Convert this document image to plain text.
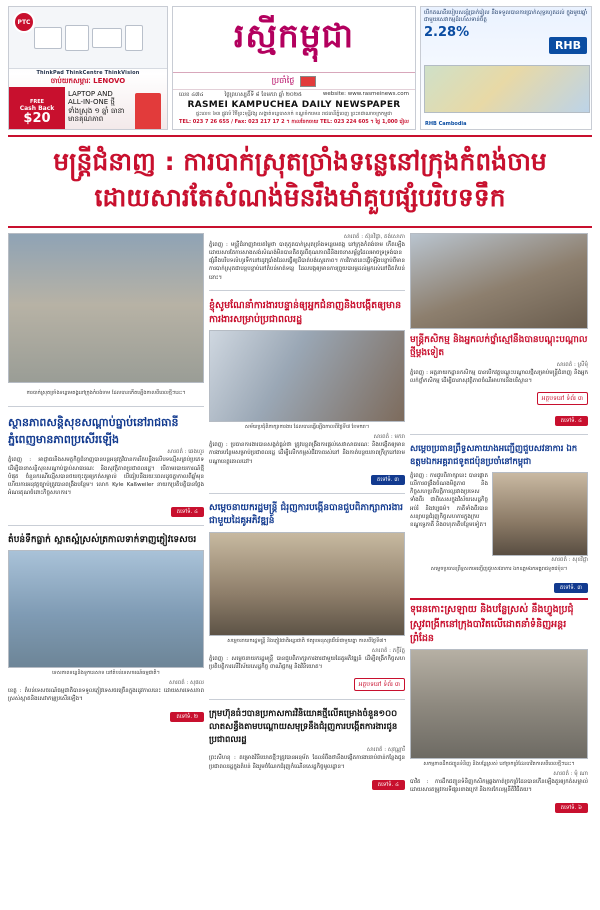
PTC
ThinkPad ThinkCentre ThinkVision
ចាប់យកសម្ភារៈ LENOVO
FREE
Cash Back
$20
LAPTOP AND ALL-IN-ONE ថ្មីទាំងស្រុង ១ ឆ្នាំ ធានាមានគុណភាព
រស្មីកម្ពុជា
ប្រចាំថ្ងៃ
លេខ ៤៧៤	ថ្ងៃព្រហស្បតិ៍ទី ៨ ខែមករា ឆ្នាំ ២០២៥	website: www.rasmeinews.com
RASMEI KAMPUCHEA DAILY NEWSPAPER
ផ្ទះលេខ ៦៣ ផ្លូវលំ វិថីព្រះមុន្នីវង្ស សង្កាត់ទន្លេបាសាក់ ខណ្ឌចំការមន រាជធានីភ្នំពេញ ព្រះរាជាណាចក្រកម្ពុជា
TEL: 023 7 26 655 / Fax: 023 217 17 2 ។ កាលចែកចាយ TEL: 023 224 605 ។ ថ្លៃ 1,000 រៀល
បើកគណនីរបៀបសន្សំប្រាក់រៀល នឹងទទួលបានការប្រាក់សុទ្ធរហូតដល់ ក្នុងមួយឆ្នាំ ជាមួយសេវាកម្មដ៏រហ័សទាន់ចិត្ត
2.28%
RHB
RHB Cambodia
មន្ត្រីជំនាញ : ការបាក់ស្រុតច្រាំងទន្លេនៅក្រុងកំពង់ចាម
ដោយសារតែសំណង់មិនរឹងមាំគួបផ្សំបរិបទទឹក
ការបាក់ស្រុតច្រាំងទន្លេមេគង្គនៅក្រុងកំពង់ចាម ដែលបានកើតឡើងកាលពីពេលថ្មីៗនេះ។
ស្ថានភាពសន្តិសុខសណ្តាប់ធ្នាប់នៅរាជធានីភ្នំពេញមានភាពប្រសើរឡើង
សារពត៌ : ឆេងហួរ
ភ្នំពេញ : អាជ្ញាធរនិងសមត្ថកិច្ចជំនាញបានបន្តអនុវត្តវិធានការរឹតបន្តឹងលើបទល្មើសគ្រប់ប្រភេទ ដើម្បីធានាសន្តិសុខសណ្តាប់ធ្នាប់សាធារណៈ និងសុវត្ថិភាពប្រជាពលរដ្ឋ។ បើតាមរបាយការណ៍ថ្មីបំផុត ចំនួនករណីល្មើសបានថយចុះគួរឲ្យកត់សម្គាល់ បើធៀបនឹងរយៈពេលដូចគ្នាកាលពីឆ្នាំមុន ហើយការអនុវត្តច្បាប់ត្រូវបានពង្រឹងបន្ថែម។ លោក Kyle Kaßweiler នាយកប្រតិបត្តិបានថ្លែងអំណរគុណចំពោះកិច្ចសហការ។
តទៅទំ. ៤
តំបន់ទឹកធ្លាក់ ស្អាតស្អំស្រស់ត្រកាលទាក់ទាញភ្ញៀវទេសចរ
ទេសភាពទន្លេនិងទូកនេសាទ នៅតំបន់ទេសចរណ៍ធម្មជាតិ។
សារពត៌ : សុផល
ខេត្ត : តំបន់ទេសចរណ៍ធម្មជាតិបានទទួលភ្ញៀវទេសចរច្រើនក្នុងរដូវកាលនេះ ដោយសារទេសភាពស្រស់ស្អាតនិងសេវាកម្មប្រសើរឡើង។
តទៅទំ. ២
សារពត៌ : ស៊ុនវិជ្ជា, គង់សោភា
ភ្នំពេញ : មន្ត្រីជំនាញវាយតម្លៃថា បាតុភូតបាក់ស្រុតច្រាំងទន្លេមេគង្គ នៅក្រុងកំពង់ចាម កើតឡើងដោយសារតែការសាងសង់សំណង់មិនបានគិតគូរពីគុណភាពដីនិងរចនាសម្ព័ន្ធដែលអាចទ្រទ្រង់បាន ផ្សំនឹងបរិបទលំហូរទឹកនៅរដូវប្រាំងដែលធ្វើឲ្យដីបាត់បង់ស្ថេរភាព។ ការវិភាគនេះធ្វើឡើងបន្ទាប់ពីមានការបាក់ស្រុតជាបន្តបន្ទាប់នៅតំបន់មាត់ទន្លេ ដែលបង្កឲ្យមានការព្រួយបារម្ភដល់អ្នករស់នៅជិតតំបន់នោះ។
ខ្ញុំសូមណែនាំការងារបន្ទាន់ឲ្យអ្នកជំនាញនិងបង្កើតឲ្យមានការងារសម្រាប់ប្រជាពលរដ្ឋ
សម័យប្រជុំពិភាក្សាការងារ ដែលបានធ្វើឡើងកាលពីថ្ងៃទី៧ ខែមករា។
សារពត៌ : មករា
ភ្នំពេញ : ប្រធានការងារបានសង្កត់ធ្ងន់ថា ត្រូវបន្តពង្រឹងការផ្តល់សេវាសាធារណៈ និងបង្កើតឲ្យមានការងារបន្ថែមសម្រាប់ប្រជាពលរដ្ឋ ដើម្បីលើកកម្ពស់ជីវភាពរស់នៅ និងកាត់បន្ថយភាពក្រីក្រនៅតាមបណ្តាខេត្តគោលដៅ។
តទៅទំ. ៣
សម្តេចនាយករដ្ឋមន្ត្រី ជំរុញការបង្កើនបានជួបពិភាក្សាការងារជាមួយដៃគូអភិវឌ្ឍន៍
សម្តេចនាយករដ្ឋមន្ត្រី និងភ្ញៀវជាតិអន្តរជាតិ ថតរូបអនុស្សាវរីយ៍ជាមួយគ្នា កាលពីថ្ងៃទី៧។
សារពត៌ : ភក្តីរ័ត្ន
ភ្នំពេញ : សម្តេចនាយករដ្ឋមន្ត្រី បានជួបពិភាក្សាការងារជាមួយដៃគូអភិវឌ្ឍន៍ ដើម្បីពង្រីកកិច្ចសហប្រតិបត្តិការលើវិស័យសេដ្ឋកិច្ច ពាណិជ្ជកម្ម និងវិនិយោគ។
អត្ថបទនៅ ទំព័រ ៣
ក្រុមហ៊ុនធំៗបានប្រកាសការវិនិយោគថ្មីលើគម្រោងចំនួន១០០ លាតសន្ធឹងតាមបណ្តោយសមុទ្រនឹងជំរុញការបង្កើតការងារជូនប្រជាពលរដ្ឋ
សារពត៌ : សុវណ្ណារី
ព្រះសីហនុ : គម្រោងវិនិយោគថ្មីៗត្រូវបានអនុម័ត ដែលរំពឹងថានឹងបង្កើតការងាររាប់ពាន់កន្លែងជូនប្រជាពលរដ្ឋក្នុងតំបន់ និងរួមចំណែកជំរុញកំណើនសេដ្ឋកិច្ចមូលដ្ឋាន។
តទៅទំ. ៤
មន្ត្រីកសិកម្ម និងអ្នកលក់ថ្នាំស្មៅនឹងបានបណ្តុះបណ្តាលថ្មីម្តងទៀត
សារពត៌ : ស្រីមុំ
ភ្នំពេញ : អគ្គនាយកដ្ឋានកសិកម្ម បានបើកវគ្គបណ្តុះបណ្តាលថ្មីសម្រាប់មន្ត្រីជំនាញ និងអ្នកលក់ថ្នាំកសិកម្ម ដើម្បីធានាសុវត្ថិភាពចំណីអាហារនិងបរិស្ថាន។
អត្ថបទនៅ ទំព័រ ៣
តទៅទំ. ៤
សម្តេចប្រធានព្រឹទ្ធសភាយាងអញ្ជើញជួបសវនាការ ឯកឧត្តមឯកអគ្គរាជទូតជប៉ុនប្រចាំនៅកម្ពុជា
ភ្នំពេញ : ការជួបពិភាក្សានេះ បានផ្តោតលើការពង្រឹងចំណងមិត្តភាព និងកិច្ចសហប្រតិបត្តិការល្អរវាងប្រទេសទាំងពីរ ជាពិសេសក្នុងវិស័យសេដ្ឋកិច្ច អប់រំ និងវប្បធម៌។ ភាគីទាំងពីរបានសន្យាបន្តជំរុញកិច្ចសហការក្នុងក្របខណ្ឌទ្វេភាគី និងពហុភាគីបន្ថែមទៀត។
សារពត៌ : សុខវិជ្ជា
សម្តេចប្រធានព្រឹទ្ធសភាអញ្ជើញជួបសវនាការ ឯកឧត្តមឯកអគ្គរាជទូតជប៉ុន។
តទៅទំ. ៣
ទុរេនកោះស្រឡាយ និងបន្លែស្រស់ នឹងហ្វូងប្រជុំស្រូវពង្រីកនៅក្រុងបាវិតលើដោតនាំទំនិញអន្តរព្រំដែន
សកម្មភាពដឹកជញ្ជូនទំនិញ និងបន្លែស្រស់ នៅច្រកព្រំដែនបាវិតកាលពីពេលថ្មីៗនេះ។
សារពត៌ : មុំ ណា
បាវិត : ការដឹកជញ្ជូនទំនិញកសិកម្មឆ្លងកាត់ច្រកព្រំដែនបានកើនឡើងគួរឲ្យកត់សម្គាល់ ដោយសារតម្រូវការទីផ្សារខាងក្រៅ និងការកែលម្អនីតិវិធីគយ។
តទៅទំ. ៦
